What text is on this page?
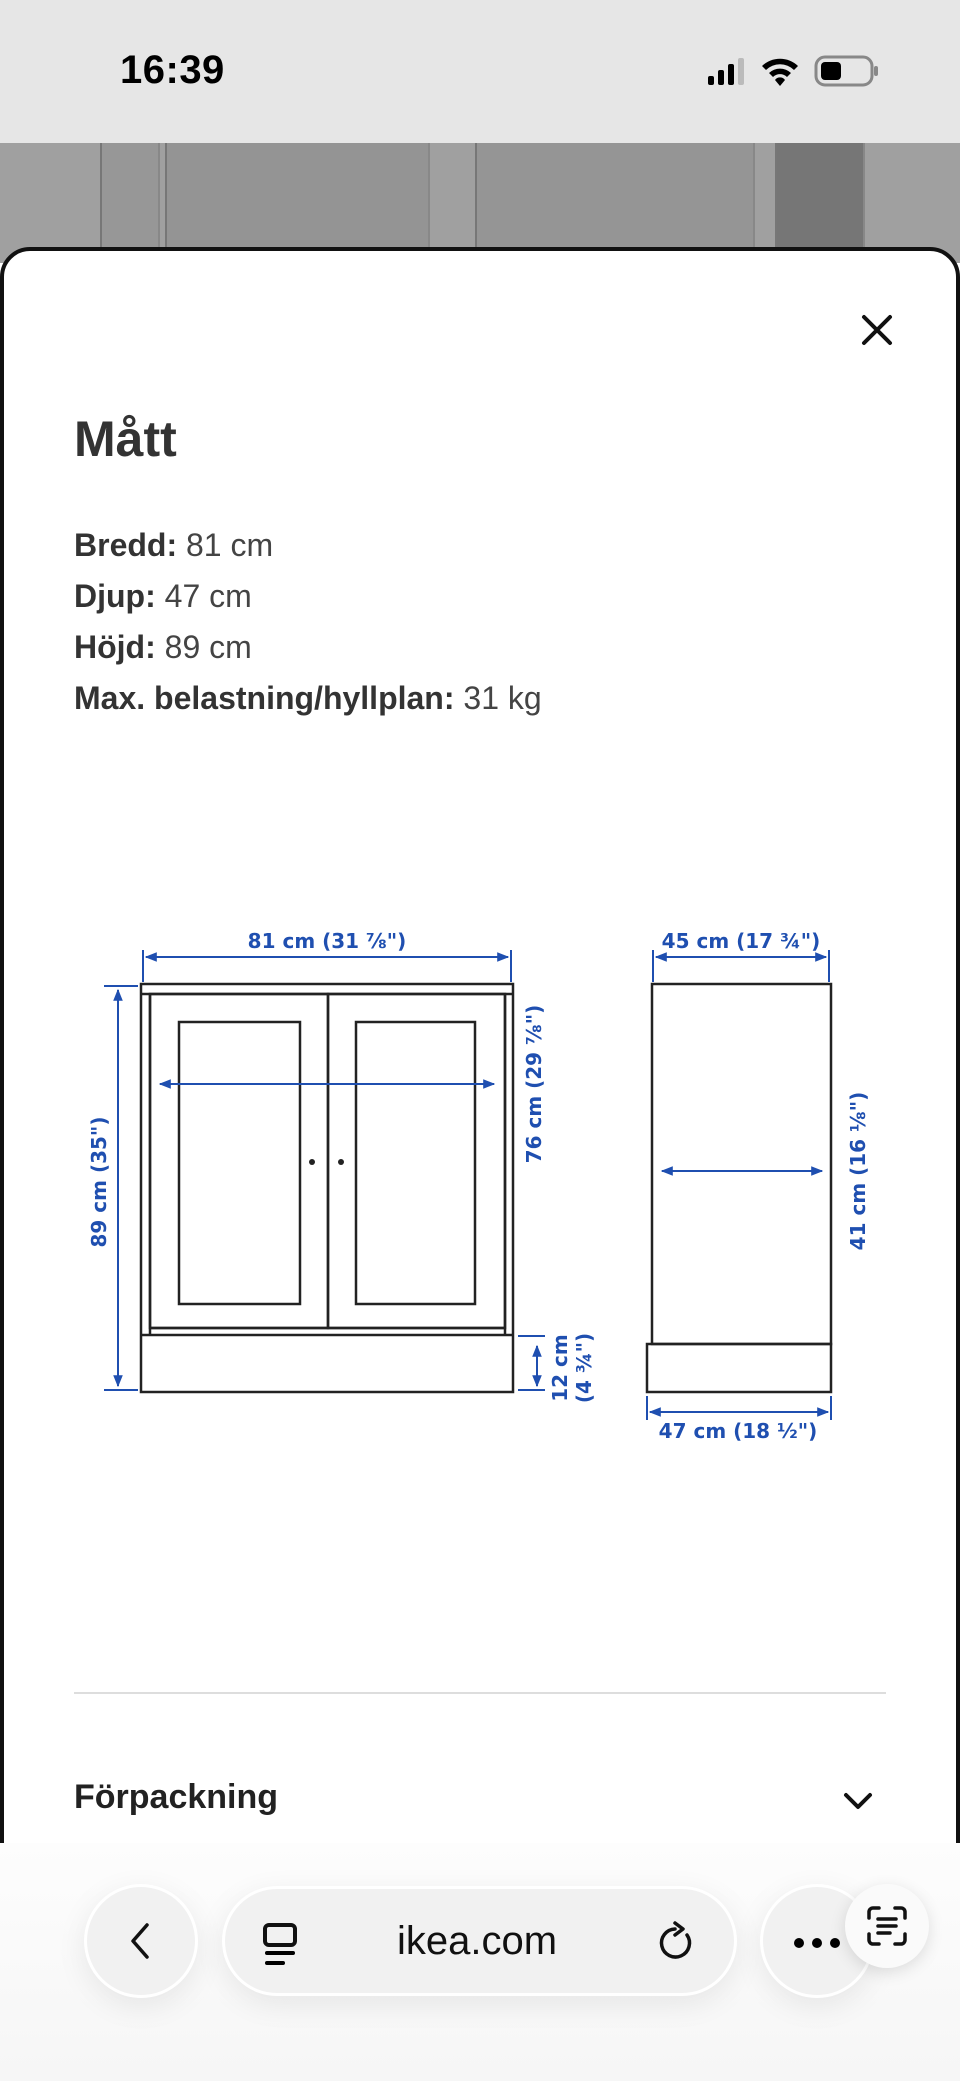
16:39
Mått
Bredd: 81 cm
Djup: 47 cm
Höjd: 89 cm
Max. belastning/hyllplan: 31 kg
81 cm (31 ⅞")
89 cm (35")
76 cm (29 ⅞")
12 cm (4 ¾")
45 cm (17 ¾")
41 cm (16 ⅛")
47 cm (18 ½")
Förpackning
ikea.com
